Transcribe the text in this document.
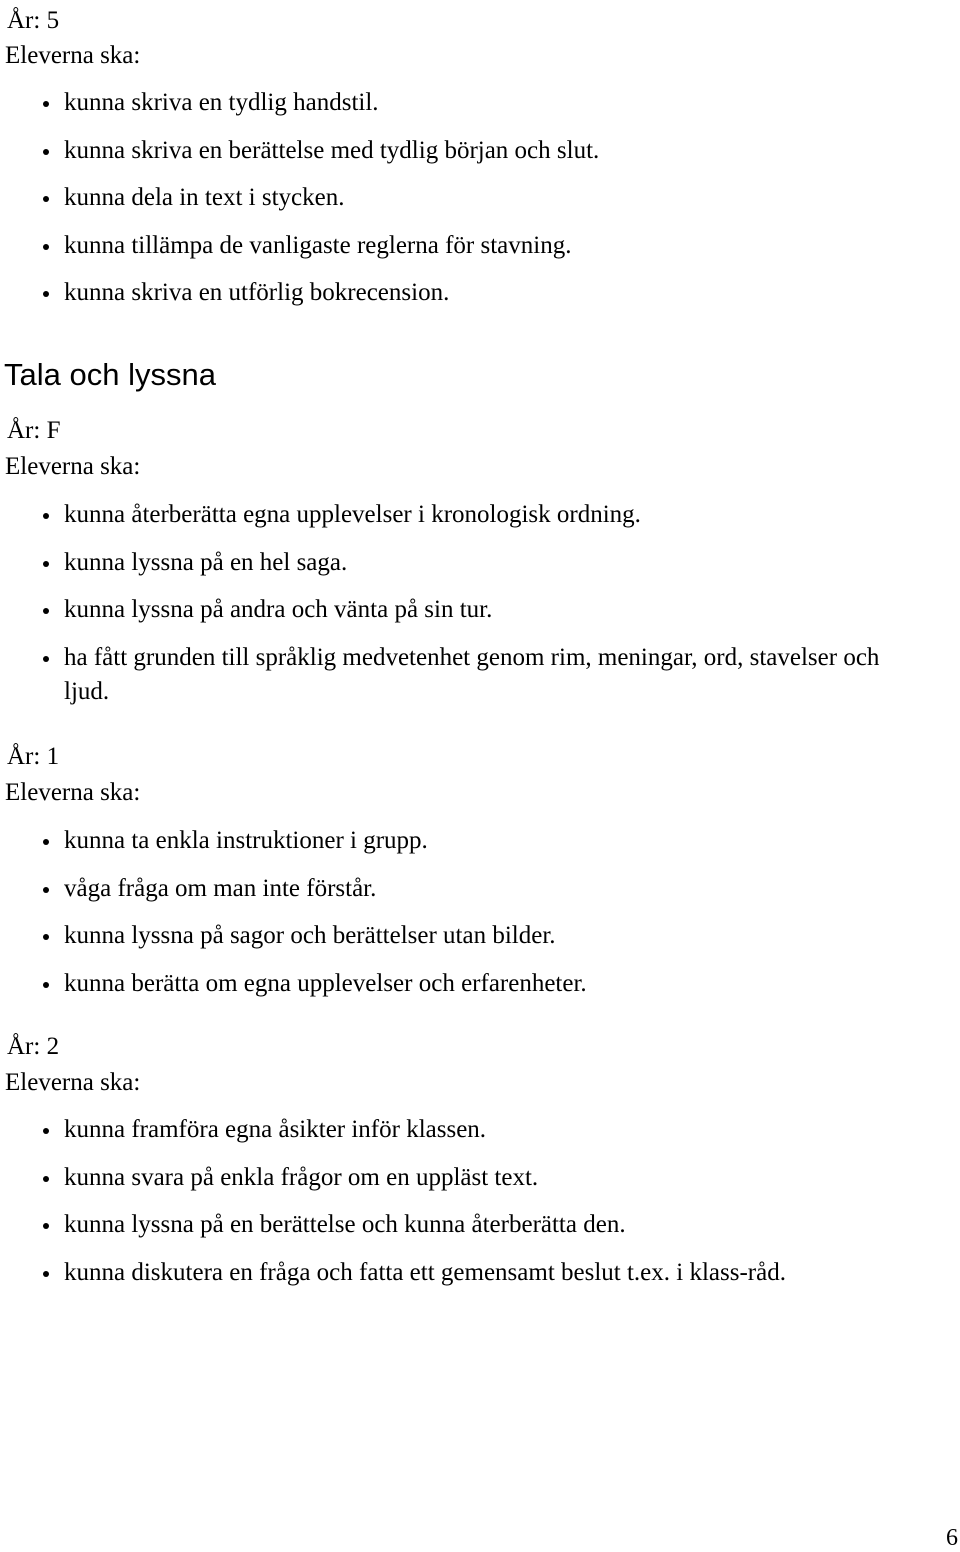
År: 5
Eleverna ska:
kunna skriva en tydlig handstil.
kunna skriva en berättelse med tydlig början och slut.
kunna dela in text i stycken.
kunna tillämpa de vanligaste reglerna för stavning.
kunna skriva en utförlig bokrecension.
Tala och lyssna
År: F
Eleverna ska:
kunna återberätta egna upplevelser i kronologisk ordning.
kunna lyssna på en hel saga.
kunna lyssna på andra och vänta på sin tur.
ha fått grunden till språklig medvetenhet genom rim, meningar, ord, stavelser och ljud.
År: 1
Eleverna ska:
kunna ta enkla instruktioner i grupp.
våga fråga om man inte förstår.
kunna lyssna på sagor och berättelser utan bilder.
kunna berätta om egna upplevelser och erfarenheter.
År: 2
Eleverna ska:
kunna framföra egna åsikter inför klassen.
kunna svara på enkla frågor om en uppläst text.
kunna lyssna på en berättelse och kunna återberätta den.
kunna diskutera en fråga och fatta ett gemensamt beslut t.ex. i klass-råd.
6
